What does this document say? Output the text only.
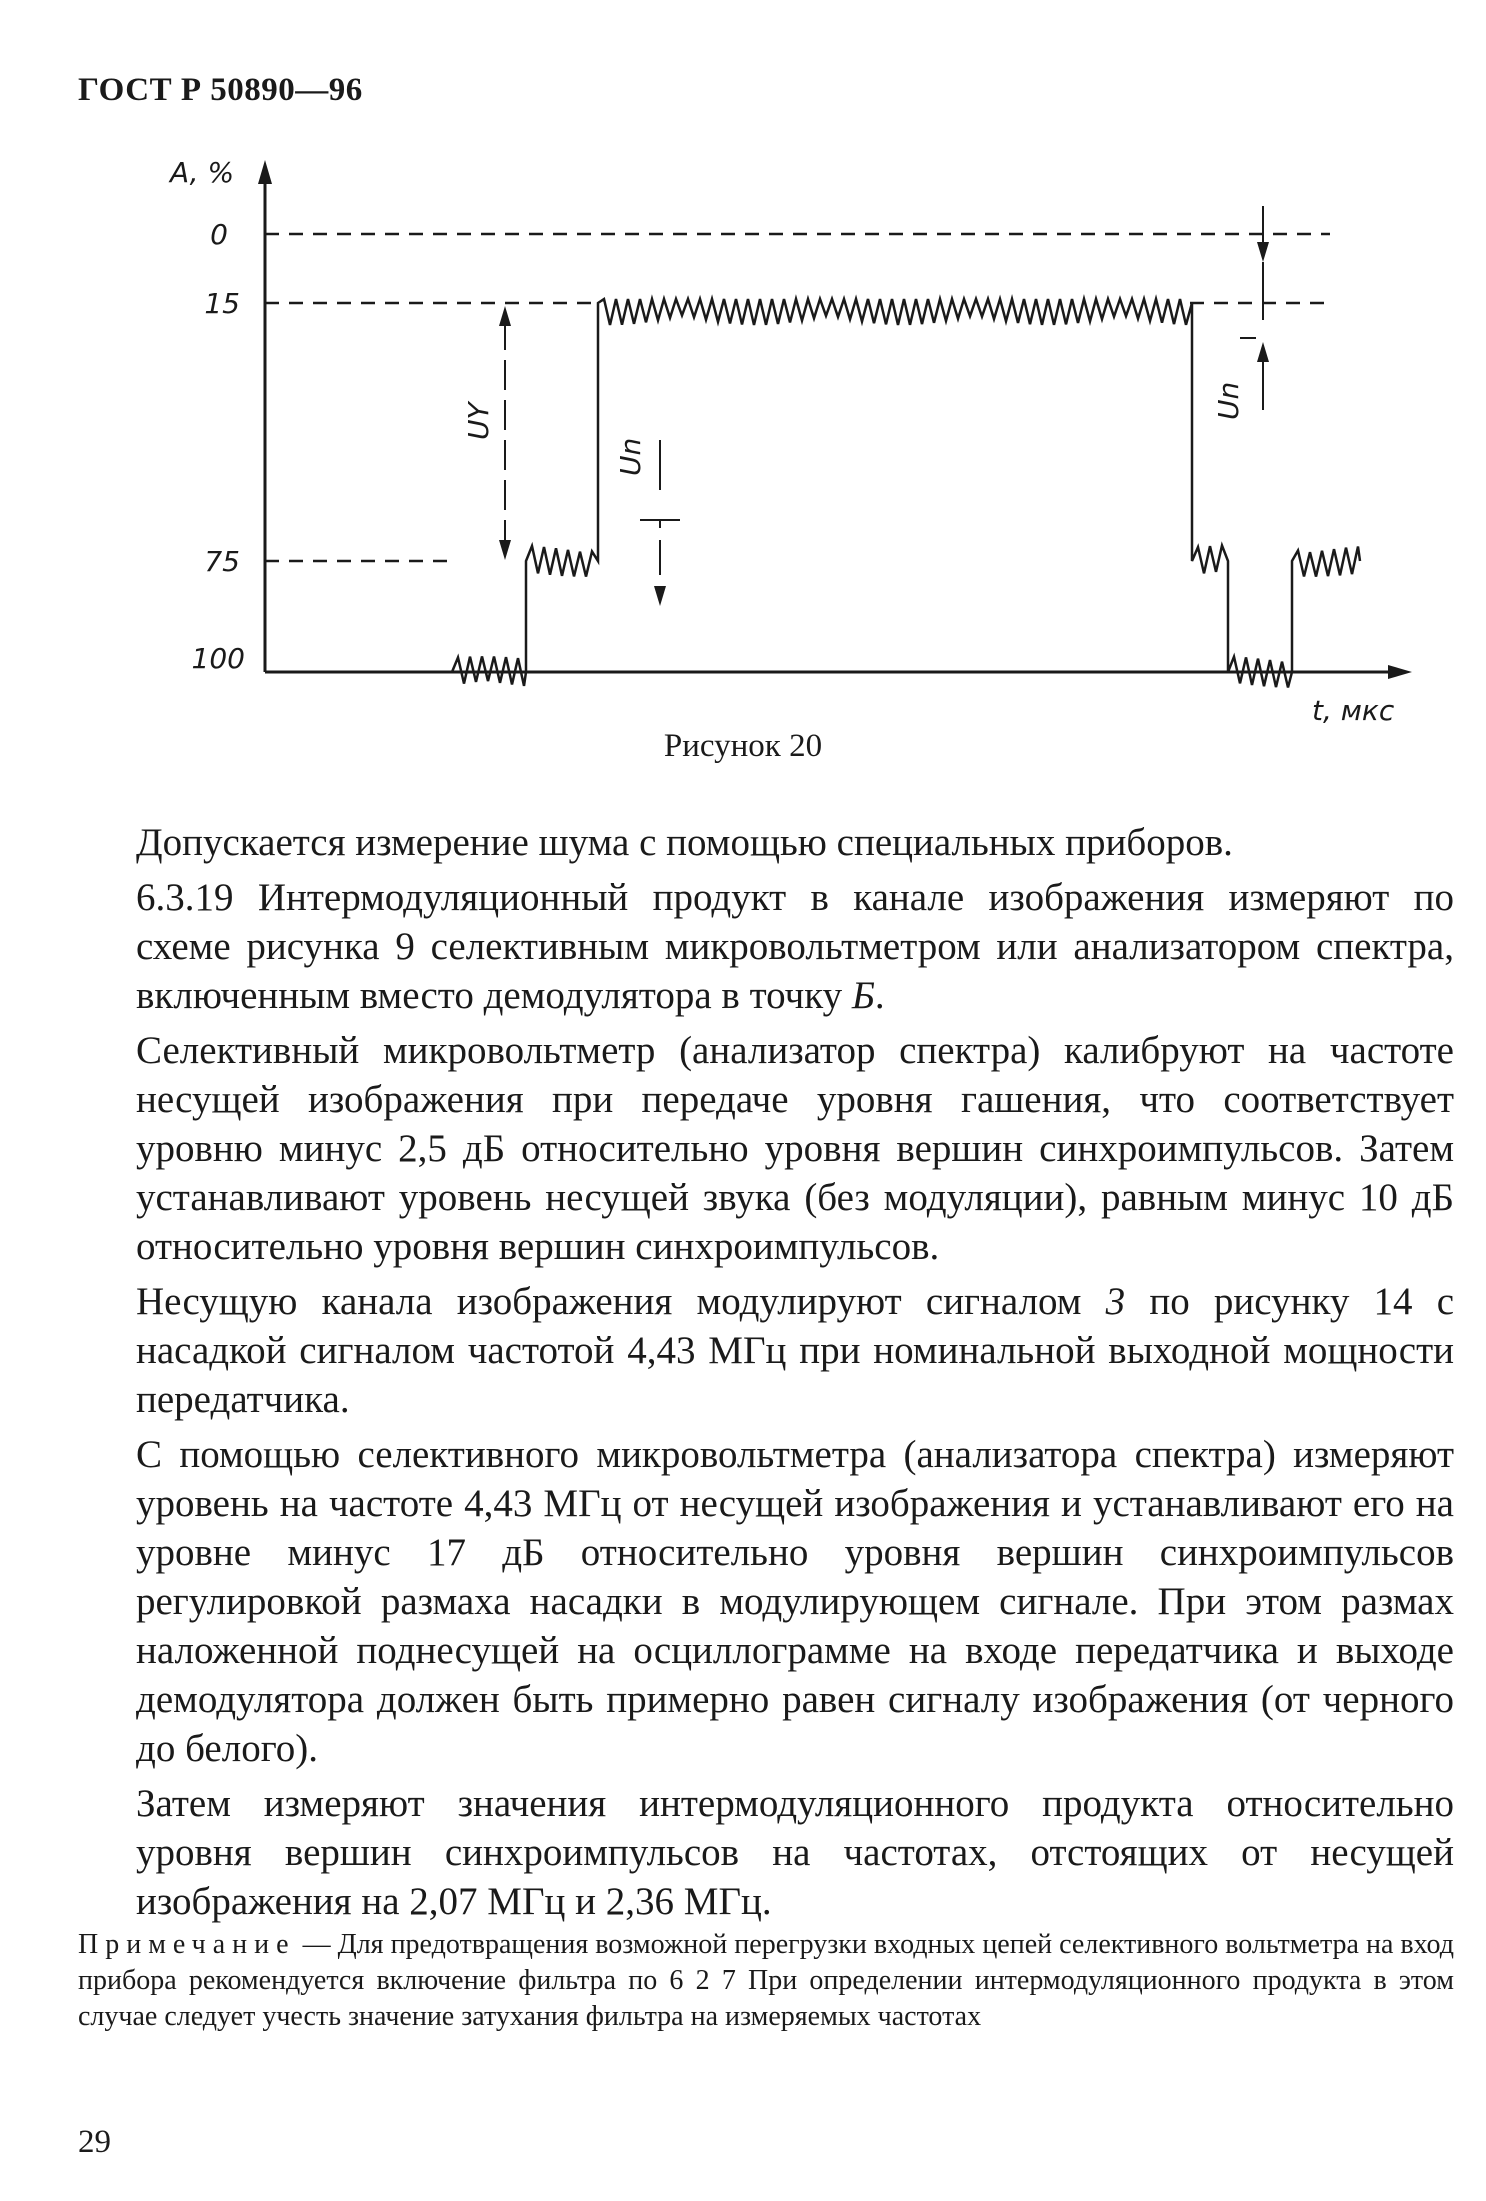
ГОСТ Р 50890—96
A, %
0
15
75
100
t, мкс
UY
Un
Un
Рисунок 20

Допускается измерение шума с помощью специальных приборов.

6.3.19 Интермодуляционный продукт в канале изображения измеряют по схеме рисунка 9 селективным микровольтметром или анализатором спектра, включенным вместо демодулятора в точку Б.

Селективный микровольтметр (анализатор спектра) калибруют на частоте несущей изображения при передаче уровня гашения, что соответствует уровню минус 2,5 дБ относительно уровня вершин синхроимпульсов. Затем устанавливают уровень несущей звука (без модуляции), равным минус 10 дБ относительно уровня вершин синхроимпульсов.

Несущую канала изображения модулируют сигналом 3 по рисунку 14 с насадкой сигналом частотой 4,43 МГц при номинальной выходной мощности передатчика.

С помощью селективного микровольтметра (анализатора спектра) измеряют уровень на частоте 4,43 МГц от несущей изображения и устанавливают его на уровне минус 17 дБ относительно уровня вершин синхроимпульсов регулировкой размаха насадки в модулирующем сигнале. При этом размах наложенной поднесущей на осциллограмме на входе передатчика и выходе демодулятора должен быть примерно равен сигналу изображения (от черного до белого).

Затем измеряют значения интермодуляционного продукта относительно уровня вершин синхроимпульсов на частотах, отстоящих от несущей изображения на 2,07 МГц и 2,36 МГц.

Примечание — Для предотвращения возможной перегрузки входных цепей селективного вольтметра на вход прибора рекомендуется включение фильтра по 6 2 7 При определении интермодуляционного продукта в этом случае следует учесть значение затухания фильтра на измеряемых частотах
29
